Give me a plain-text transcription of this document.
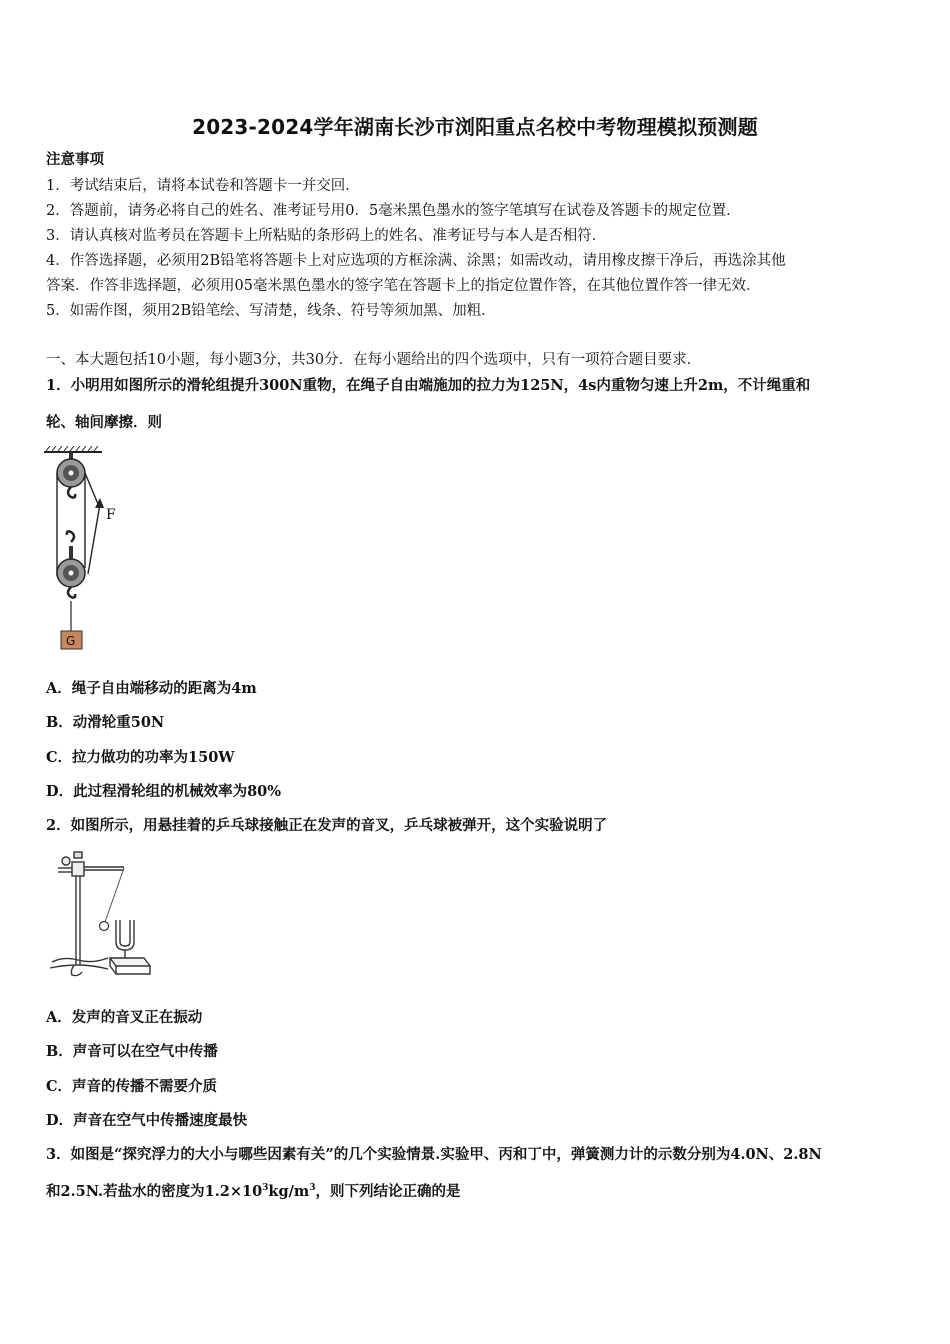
2023-2024学年湖南长沙市浏阳重点名校中考物理模拟预测题
注意事项
1．考试结束后，请将本试卷和答题卡一并交回．
2．答题前，请务必将自己的姓名、准考证号用0．5毫米黑色墨水的签字笔填写在试卷及答题卡的规定位置．
3．请认真核对监考员在答题卡上所粘贴的条形码上的姓名、准考证号与本人是否相符．
4．作答选择题，必须用2B铅笔将答题卡上对应选项的方框涂满、涂黑；如需改动，请用橡皮擦干净后，再选涂其他
答案．作答非选择题，必须用05毫米黑色墨水的签字笔在答题卡上的指定位置作答，在其他位置作答一律无效．
5．如需作图，须用2B铅笔绘、写清楚，线条、符号等须加黑、加粗．
一、本大题包括10小题，每小题3分，共30分．在每小题给出的四个选项中，只有一项符合题目要求．
1．小明用如图所示的滑轮组提升300N重物，在绳子自由端施加的拉力为125N，4s内重物匀速上升2m，不计绳重和
轮、轴间摩擦．则
F
G
A．绳子自由端移动的距离为4m
B．动滑轮重50N
C．拉力做功的功率为150W
D．此过程滑轮组的机械效率为80%
2．如图所示，用悬挂着的乒乓球接触正在发声的音叉，乒乓球被弹开，这个实验说明了
A．发声的音叉正在振动
B．声音可以在空气中传播
C．声音的传播不需要介质
D．声音在空气中传播速度最快
3．如图是“探究浮力的大小与哪些因素有关”的几个实验情景.实验甲、丙和丁中，弹簧测力计的示数分别为4.0N、2.8N
和2.5N.若盐水的密度为$1.2\times 10^3kg/m^3$，则下列结论正确的是
